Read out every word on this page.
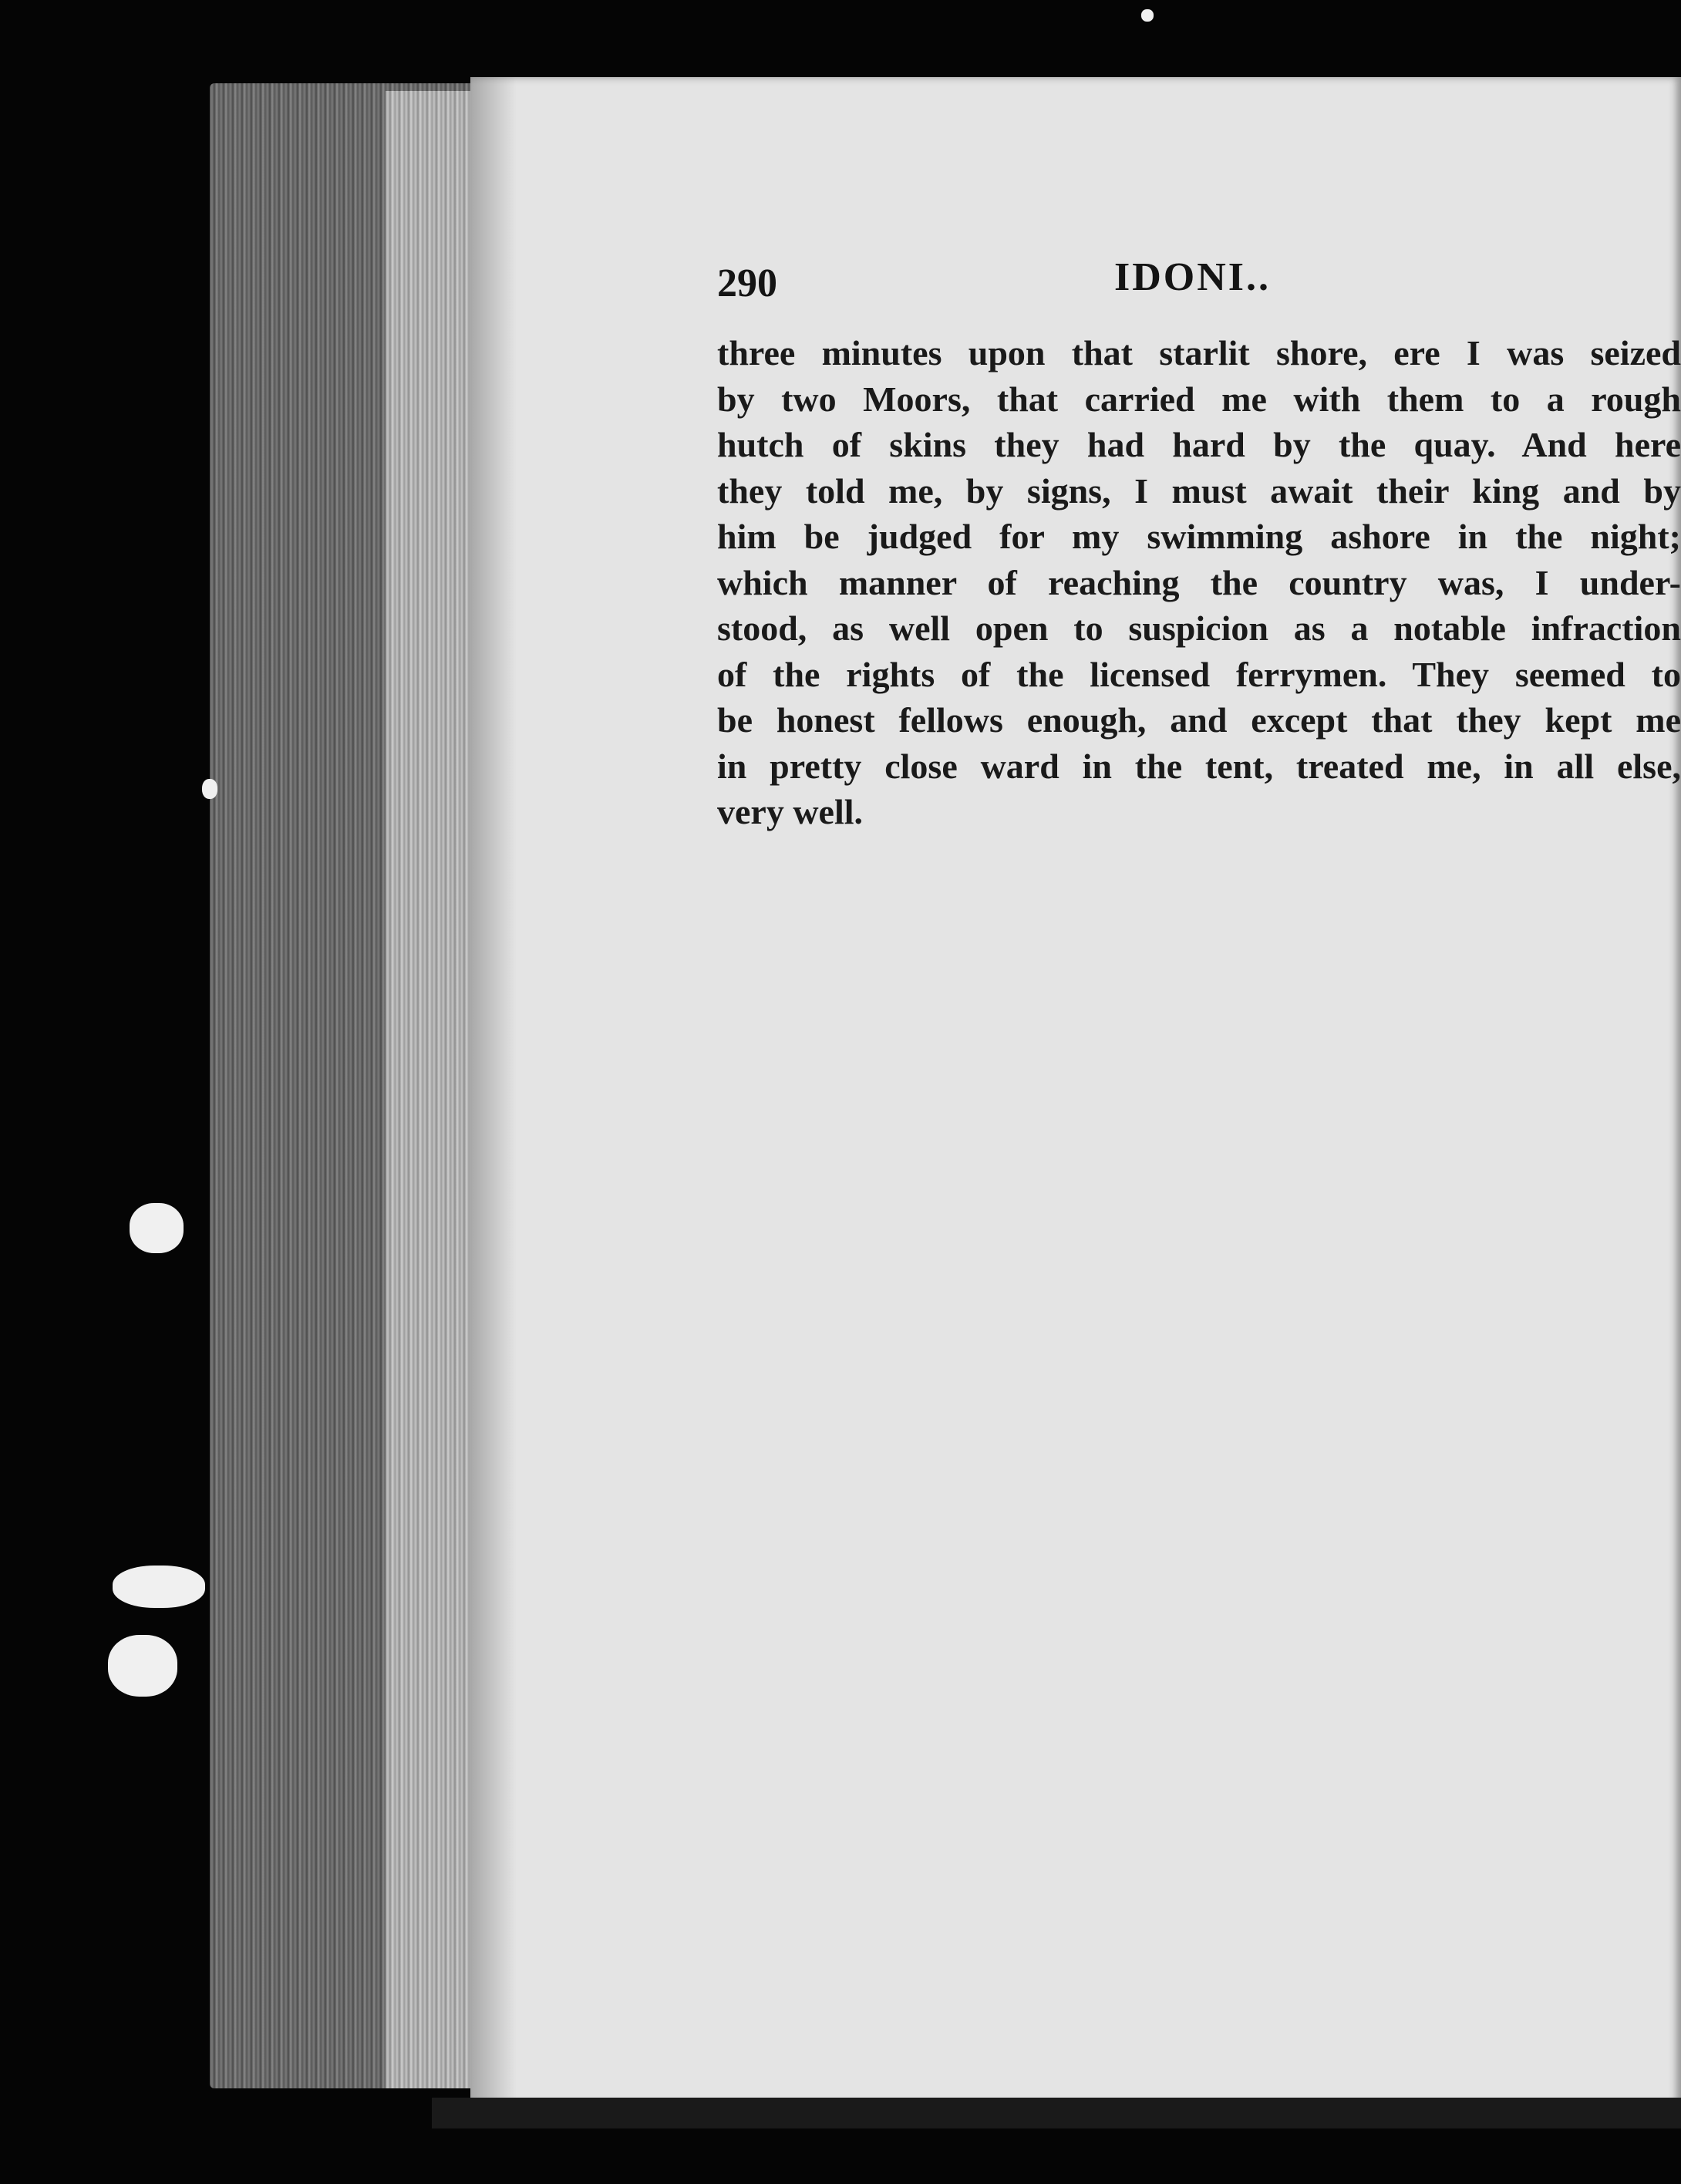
290	IDONI..
three minutes upon that starlit shore, ere I was seized
by two Moors, that carried me with them to a rough
hutch of skins they had hard by the quay. And here
they told me, by signs, I must await their king and by
him be judged for my swimming ashore in the night;
which manner of reaching the country was, I under-
stood, as well open to suspicion as a notable infraction
of the rights of the licensed ferrymen. They seemed to
be honest fellows enough, and except that they kept me
in pretty close ward in the tent, treated me, in all else,
very well.
